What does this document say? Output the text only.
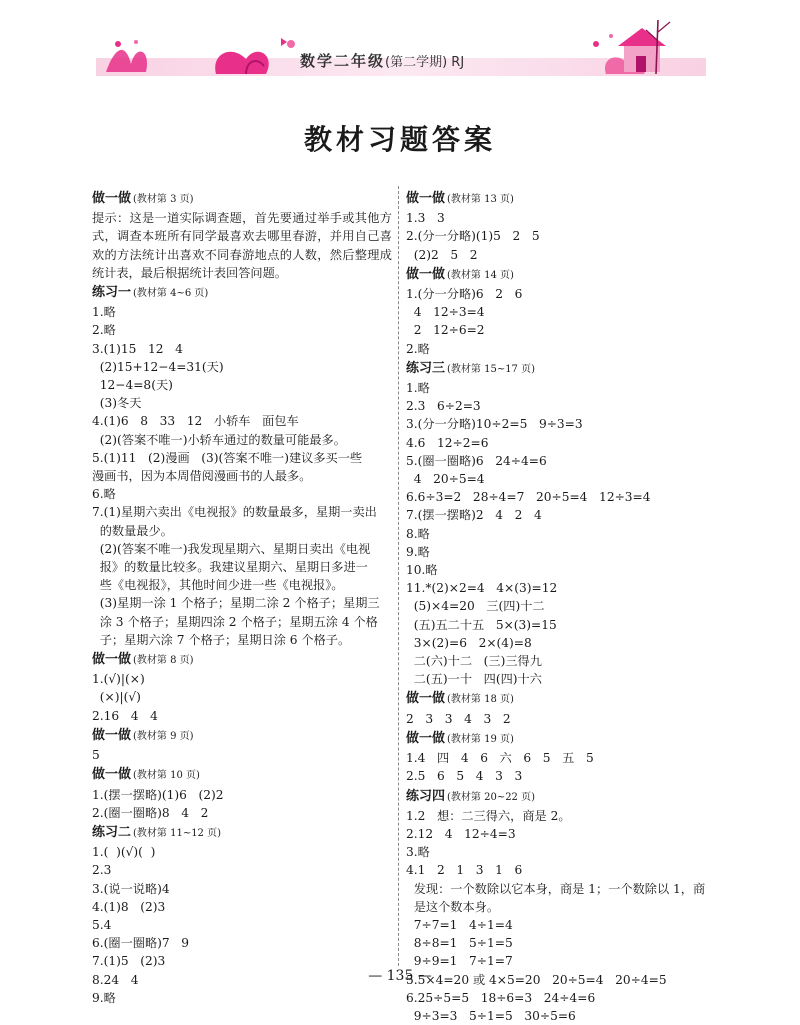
数学二年级(第二学期) RJ
教材习题答案
做一做 (教材第 3 页)
提示：这是一道实际调查题，首先要通过举手或其他方式，调查本班所有同学最喜欢去哪里春游，并用自己喜欢的方法统计出喜欢不同春游地点的人数，然后整理成统计表，最后根据统计表回答问题。
练习一 (教材第 4~6 页)
1.略
2.略
3.(1)15   12   4
(2)15+12−4=31(天)
12−4=8(天)
(3)冬天
4.(1)6   8   33   12   小轿车   面包车
(2)(答案不唯一)小轿车通过的数量可能最多。
5.(1)11   (2)漫画   (3)(答案不唯一)建议多买一些
漫画书，因为本周借阅漫画书的人最多。
6.略
7.(1)星期六卖出《电视报》的数量最多，星期一卖出
的数量最少。
(2)(答案不唯一)我发现星期六、星期日卖出《电视
报》的数量比较多。我建议星期六、星期日多进一
些《电视报》，其他时间少进一些《电视报》。
(3)星期一涂 1 个格子；星期二涂 2 个格子；星期三
涂 3 个格子；星期四涂 2 个格子；星期五涂 4 个格
子；星期六涂 7 个格子；星期日涂 6 个格子。
做一做 (教材第 8 页)
1.(√)|(×)
(×)|(√)
2.16   4   4
做一做 (教材第 9 页)
5
做一做 (教材第 10 页)
1.(摆一摆略)(1)6   (2)2
2.(圈一圈略)8   4   2
练习二 (教材第 11~12 页)
1.(  )(√)(  )
2.3
3.(说一说略)4
4.(1)8   (2)3
5.4
6.(圈一圈略)7   9
7.(1)5   (2)3
8.24   4
9.略
做一做 (教材第 13 页)
1.3   3
2.(分一分略)(1)5   2   5
(2)2   5   2
做一做 (教材第 14 页)
1.(分一分略)6   2   6
4   12÷3=4
2   12÷6=2
2.略
练习三 (教材第 15~17 页)
1.略
2.3   6÷2=3
3.(分一分略)10÷2=5   9÷3=3
4.6   12÷2=6
5.(圈一圈略)6   24÷4=6
4   20÷5=4
6.6÷3=2   28÷4=7   20÷5=4   12÷3=4
7.(摆一摆略)2   4   2   4
8.略
9.略
10.略
11.*(2)×2=4   4×(3)=12
(5)×4=20   三(四)十二
(五)五二十五   5×(3)=15
3×(2)=6   2×(4)=8
二(六)十二   (三)三得九
二(五)一十   四(四)十六
做一做 (教材第 18 页)
2   3   3   4   3   2
做一做 (教材第 19 页)
1.4   四   4   6   六   6   5   五   5
2.5   6   5   4   3   3
练习四 (教材第 20~22 页)
1.2   想：二三得六，商是 2。
2.12   4   12÷4=3
3.略
4.1   2   1   3   1   6
发现：一个数除以它本身，商是 1；一个数除以 1，商
是这个数本身。
7÷7=1   4÷1=4
8÷8=1   5÷1=5
9÷9=1   7÷1=7
5.5×4=20 或 4×5=20   20÷5=4   20÷4=5
6.25÷5=5   18÷6=3   24÷4=6
9÷3=3   5÷1=5   30÷5=6
— 135 —
